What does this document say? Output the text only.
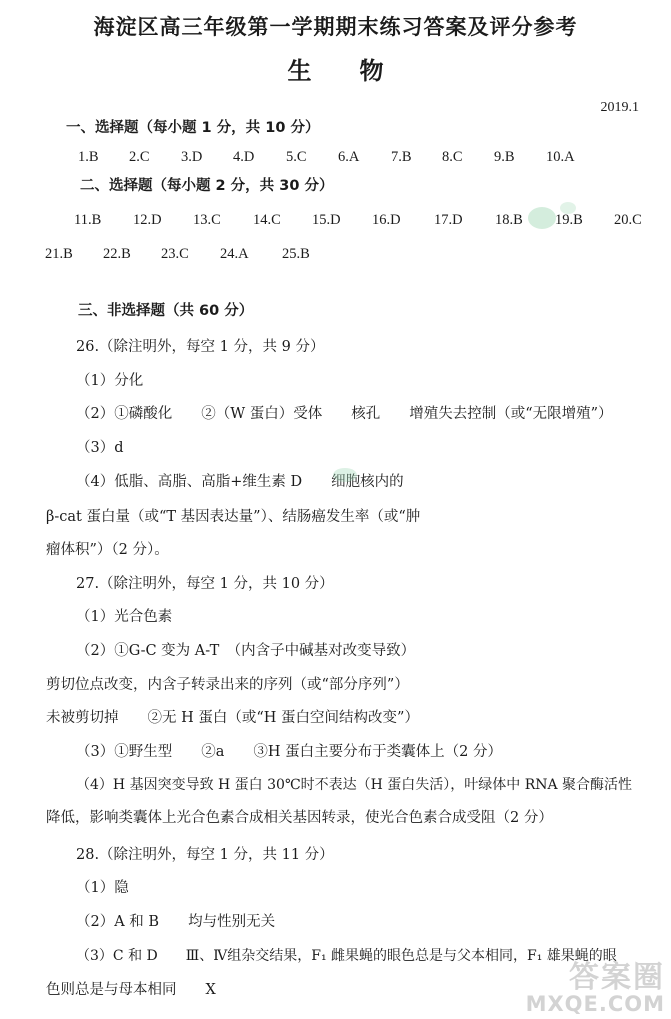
海淀区高三年级第一学期期末练习答案及评分参考
生　　物
2019.1
一、选择题（每小题 1 分，共 10 分）
1.B 2.C 3.D 4.D 5.C 6.A 7.B 8.C 9.B 10.A
二、选择题（每小题 2 分，共 30 分）
11.B 12.D 13.C 14.C 15.D 16.D 17.D 18.B 19.B 20.C
21.B 22.B 23.C 24.A 25.B
三、非选择题（共 60 分）
26.（除注明外，每空 1 分，共 9 分）
（1）分化
（2）①磷酸化　　②（W 蛋白）受体　　核孔　　增殖失去控制（或“无限增殖”）
（3）d
（4）低脂、高脂、高脂+维生素 D　　细胞核内的
β-cat 蛋白量（或“T 基因表达量”）、结肠癌发生率（或“肿
瘤体积”）（2 分）。
27.（除注明外，每空 1 分，共 10 分）
（1）光合色素
（2）①G-C 变为 A-T　（内含子中碱基对改变导致）
剪切位点改变，内含子转录出来的序列（或“部分序列”）
未被剪切掉　　②无 H 蛋白（或“H 蛋白空间结构改变”）
（3）①野生型　　②a　　③H 蛋白主要分布于类囊体上（2 分）
（4）H 基因突变导致 H 蛋白 30℃时不表达（H 蛋白失活），叶绿体中 RNA 聚合酶活性
降低，影响类囊体上光合色素合成相关基因转录，使光合色素合成受阻（2 分）
28.（除注明外，每空 1 分，共 11 分）
（1）隐
（2）A 和 B　　均与性别无关
（3）C 和 D　　Ⅲ、Ⅳ组杂交结果，F₁ 雌果蝇的眼色总是与父本相同，F₁ 雄果蝇的眼
色则总是与母本相同　　X	答案圈
MXQE.COM
